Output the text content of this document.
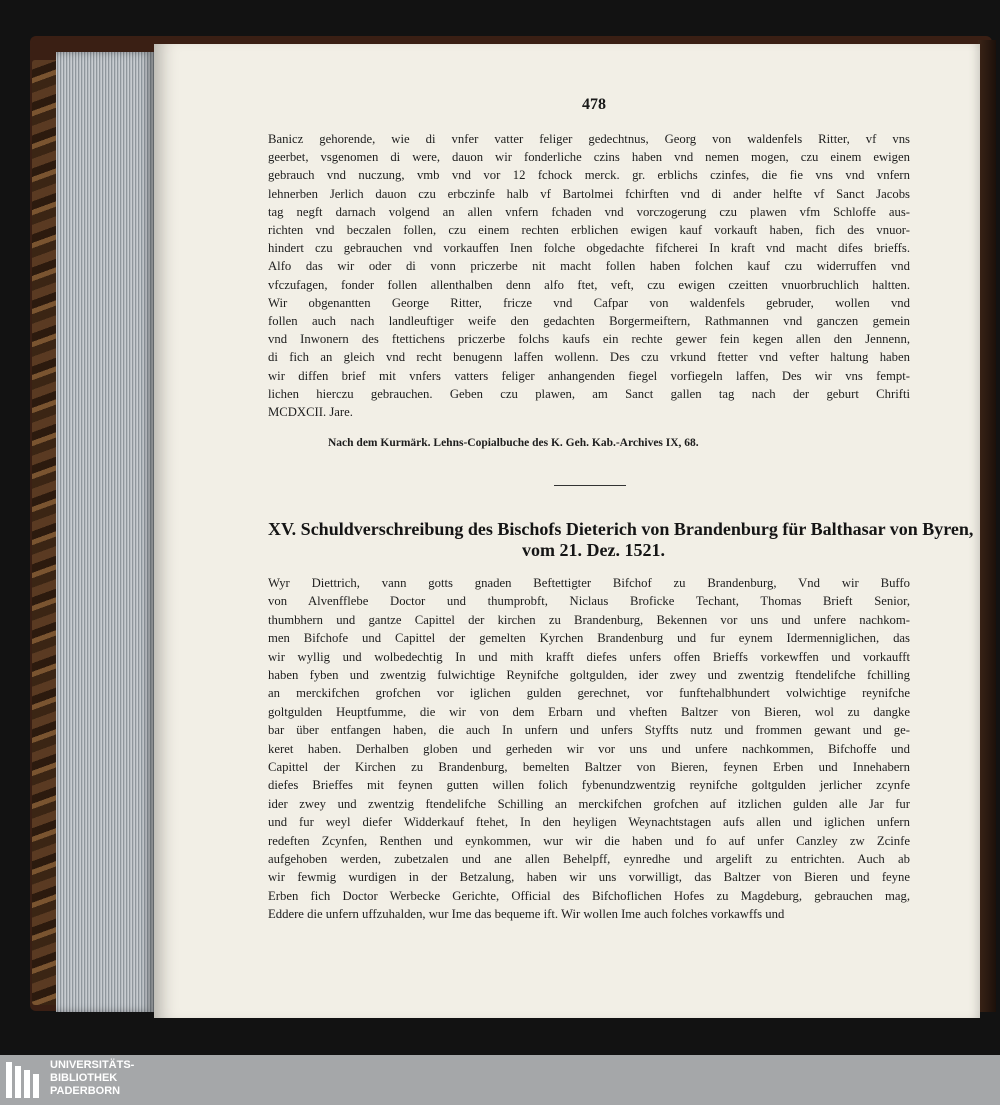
478
Banicz gehorende, wie di vnfer vatter feliger gedechtnus, Georg von waldenfels Ritter, vf vns
geerbet, vsgenomen di were, dauon wir fonderliche czins haben vnd nemen mogen, czu einem ewigen
gebrauch vnd nuczung, vmb vnd vor 12 fchock merck. gr. erblichs czinfes, die fie vns vnd vnfern
lehnerben Jerlich dauon czu erbczinfe halb vf Bartolmei fchirften vnd di ander helfte vf Sanct Jacobs
tag negft darnach volgend an allen vnfern fchaden vnd vorczogerung czu plawen vfm Schloffe aus-
richten vnd beczalen follen, czu einem rechten erblichen ewigen kauf vorkauft haben, fich des vnuor-
hindert czu gebrauchen vnd vorkauffen Inen folche obgedachte fifcherei In kraft vnd macht difes brieffs.
Alfo das wir oder di vonn priczerbe nit macht follen haben folchen kauf czu widerruffen vnd
vfczufagen, fonder follen allenthalben denn alfo ftet, veft, czu ewigen czeitten vnuorbruchlich haltten.
Wir obgenantten George Ritter, fricze vnd Cafpar von waldenfels gebruder, wollen vnd
follen auch nach landleuftiger weife den gedachten Borgermeiftern, Rathmannen vnd ganczen gemein
vnd Inwonern des ftettichens priczerbe folchs kaufs ein rechte gewer fein kegen allen den Jennenn,
di fich an gleich vnd recht benugenn laffen wollenn. Des czu vrkund ftetter vnd vefter haltung haben
wir diffen brief mit vnfers vatters feliger anhangenden fiegel vorfiegeln laffen, Des wir vns fempt-
lichen hierczu gebrauchen. Geben czu plawen, am Sanct gallen tag nach der geburt Chrifti
MCDXCII. Jare.
Nach dem Kurmärk. Lehns-Copialbuche des K. Geh. Kab.-Archives IX, 68.
XV. Schuldverschreibung des Bischofs Dieterich von Brandenburg für Balthasar von Byren,
vom 21. Dez. 1521.
Wyr Diettrich, vann gotts gnaden Beftettigter Bifchof zu Brandenburg, Vnd wir Buffo
von Alvenfflebe Doctor und thumprobft, Niclaus Broficke Techant, Thomas Brieft Senior,
thumbhern und gantze Capittel der kirchen zu Brandenburg, Bekennen vor uns und unfere nachkom-
men Bifchofe und Capittel der gemelten Kyrchen Brandenburg und fur eynem Idermenniglichen, das
wir wyllig und wolbedechtig In und mith krafft diefes unfers offen Brieffs vorkewffen und vorkaufft
haben fyben und zwentzig fulwichtige Reynifche goltgulden, ider zwey und zwentzig ftendelifche fchilling
an merckifchen grofchen vor iglichen gulden gerechnet, vor funftehalbhundert volwichtige reynifche
goltgulden Heuptfumme, die wir von dem Erbarn und vheften Baltzer von Bieren, wol zu dangke
bar über entfangen haben, die auch In unfern und unfers Styffts nutz und frommen gewant und ge-
keret haben. Derhalben globen und gerheden wir vor uns und unfere nachkommen, Bifchoffe und
Capittel der Kirchen zu Brandenburg, bemelten Baltzer von Bieren, feynen Erben und Innehabern
diefes Brieffes mit feynen gutten willen folich fybenundzwentzig reynifche goltgulden jerlicher zcynfe
ider zwey und zwentzig ftendelifche Schilling an merckifchen grofchen auf itzlichen gulden alle Jar fur
und fur weyl diefer Widderkauf ftehet, In den heyligen Weynachtstagen aufs allen und iglichen unfern
redeften Zcynfen, Renthen und eynkommen, wur wir die haben und fo auf unfer Canzley zw Zcinfe
aufgehoben werden, zubetzalen und ane allen Behelpff, eynredhe und argelift zu entrichten. Auch ab
wir fewmig wurdigen in der Betzalung, haben wir uns vorwilligt, das Baltzer von Bieren und feyne
Erben fich Doctor Werbecke Gerichte, Official des Bifchoflichen Hofes zu Magdeburg, gebrauchen mag,
Eddere die unfern uffzuhalden, wur Ime das bequeme ift. Wir wollen Ime auch folches vorkawffs und
UNIVERSITÄTS-
BIBLIOTHEK
PADERBORN
